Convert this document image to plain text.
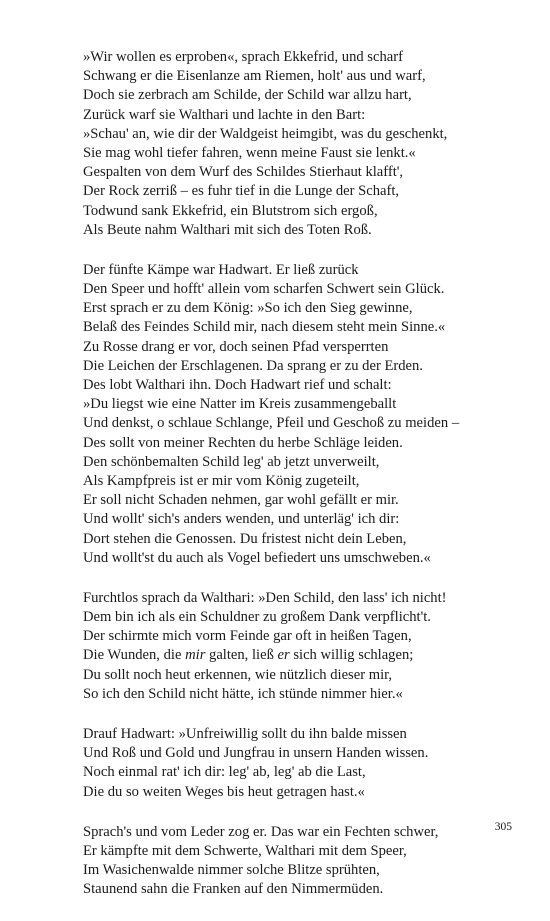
»Wir wollen es erproben«, sprach Ekkefrid, und scharf
Schwang er die Eisenlanze am Riemen, holt' aus und warf,
Doch sie zerbrach am Schilde, der Schild war allzu hart,
Zurück warf sie Walthari und lachte in den Bart:
»Schau' an, wie dir der Waldgeist heimgibt, was du geschenkt,
Sie mag wohl tiefer fahren, wenn meine Faust sie lenkt.«
Gespalten von dem Wurf des Schildes Stierhaut klafft',
Der Rock zerriß – es fuhr tief in die Lunge der Schaft,
Todwund sank Ekkefrid, ein Blutstrom sich ergoß,
Als Beute nahm Walthari mit sich des Toten Roß.
Der fünfte Kämpe war Hadwart. Er ließ zurück
Den Speer und hofft' allein vom scharfen Schwert sein Glück.
Erst sprach er zu dem König: »So ich den Sieg gewinne,
Belaß des Feindes Schild mir, nach diesem steht mein Sinne.«
Zu Rosse drang er vor, doch seinen Pfad versperrten
Die Leichen der Erschlagenen. Da sprang er zu der Erden.
Des lobt Walthari ihn. Doch Hadwart rief und schalt:
»Du liegst wie eine Natter im Kreis zusammengeballt
Und denkst, o schlaue Schlange, Pfeil und Geschoß zu meiden –
Des sollt von meiner Rechten du herbe Schläge leiden.
Den schönbemalten Schild leg' ab jetzt unverweilt,
Als Kampfpreis ist er mir vom König zugeteilt,
Er soll nicht Schaden nehmen, gar wohl gefällt er mir.
Und wollt' sich's anders wenden, und unterläg' ich dir:
Dort stehen die Genossen. Du fristest nicht dein Leben,
Und wollt'st du auch als Vogel befiedert uns umschweben.«
Furchtlos sprach da Walthari: »Den Schild, den lass' ich nicht!
Dem bin ich als ein Schuldner zu großem Dank verpflicht't.
Der schirmte mich vorm Feinde gar oft in heißen Tagen,
Die Wunden, die mir galten, ließ er sich willig schlagen;
Du sollt noch heut erkennen, wie nützlich dieser mir,
So ich den Schild nicht hätte, ich stünde nimmer hier.«
Drauf Hadwart: »Unfreiwillig sollt du ihn balde missen
Und Roß und Gold und Jungfrau in unsern Handen wissen.
Noch einmal rat' ich dir: leg' ab, leg' ab die Last,
Die du so weiten Weges bis heut getragen hast.«
Sprach's und vom Leder zog er. Das war ein Fechten schwer,
Er kämpfte mit dem Schwerte, Walthari mit dem Speer,
Im Wasichenwalde nimmer solche Blitze sprühten,
Staunend sahn die Franken auf den Nimmermüden.
305
